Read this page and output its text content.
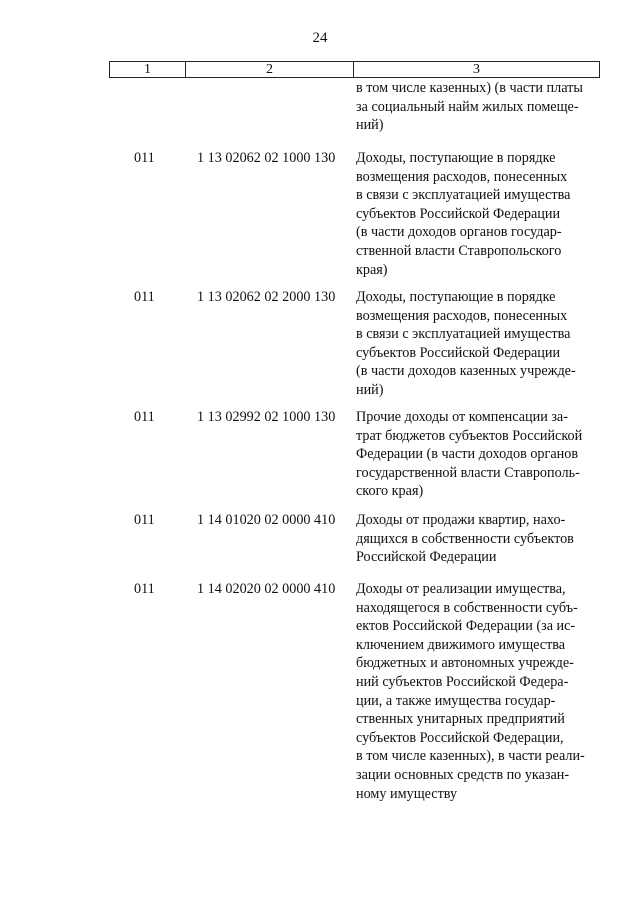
24
1	2	3
в том числе казенных) (в части платы
за социальный найм жилых помеще-
ний)
011	1 13 02062 02 1000 130 Доходы, поступающие в порядке
возмещения расходов, понесенных
в связи с эксплуатацией имущества
субъектов Российской Федерации
(в части доходов органов государ-
ственной власти Ставропольского
края)
011	1 13 02062 02 2000 130 Доходы, поступающие в порядке
возмещения расходов, понесенных
в связи с эксплуатацией имущества
субъектов Российской Федерации
(в части доходов казенных учрежде-
ний)
011	1 13 02992 02 1000 130 Прочие доходы от компенсации за-
трат бюджетов субъектов Российской
Федерации (в части доходов органов
государственной власти Ставрополь-
ского края)
011	1 14 01020 02 0000 410 Доходы от продажи квартир, нахо-
дящихся в собственности субъектов
Российской Федерации
011	1 14 02020 02 0000 410 Доходы от реализации имущества,
находящегося в собственности субъ-
ектов Российской Федерации (за ис-
ключением движимого имущества
бюджетных и автономных учрежде-
ний субъектов Российской Федера-
ции, а также имущества государ-
ственных унитарных предприятий
субъектов Российской Федерации,
в том числе казенных), в части реали-
зации основных средств по указан-
ному имуществу
